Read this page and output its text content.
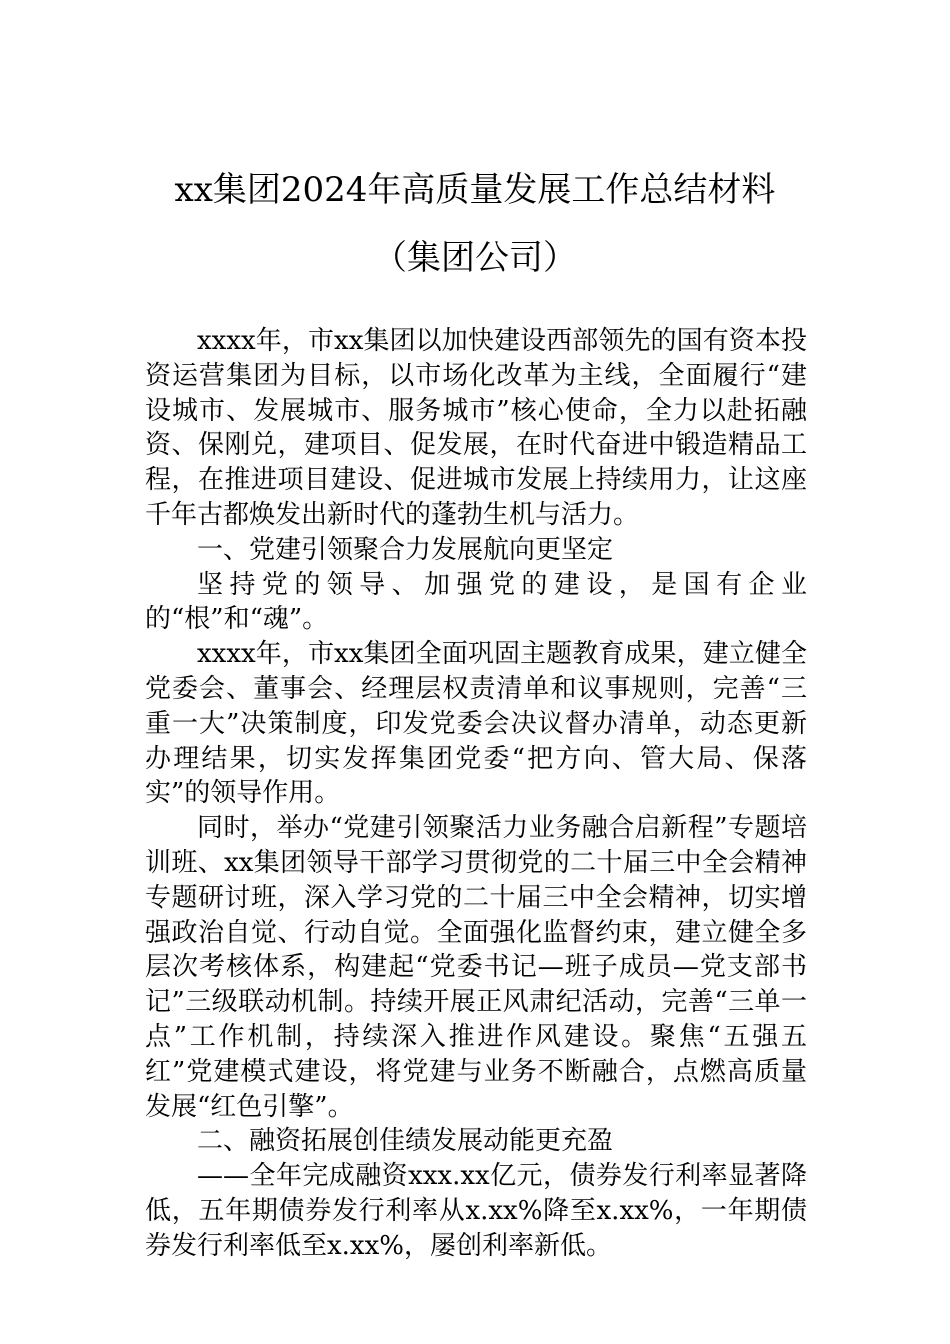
xx集团2024年高质量发展工作总结材料
（集团公司）

xxxx年，市xx集团以加快建设西部领先的国有资本投资运营集团为目标，以市场化改革为主线，全面履行“建设城市、发展城市、服务城市”核心使命，全力以赴拓融资、保刚兑，建项目、促发展，在时代奋进中锻造精品工程，在推进项目建设、促进城市发展上持续用力，让这座千年古都焕发出新时代的蓬勃生机与活力。

一、党建引领聚合力发展航向更坚定

坚持党的领导、加强党的建设，是国有企业的“根”和“魂”。

xxxx年，市xx集团全面巩固主题教育成果，建立健全党委会、董事会、经理层权责清单和议事规则，完善“三重一大”决策制度，印发党委会决议督办清单，动态更新办理结果，切实发挥集团党委“把方向、管大局、保落实”的领导作用。

同时，举办“党建引领聚活力业务融合启新程”专题培训班、xx集团领导干部学习贯彻党的二十届三中全会精神专题研讨班，深入学习党的二十届三中全会精神，切实增强政治自觉、行动自觉。全面强化监督约束，建立健全多层次考核体系，构建起“党委书记—班子成员—党支部书记”三级联动机制。持续开展正风肃纪活动，完善“三单一点”工作机制，持续深入推进作风建设。聚焦“五强五红”党建模式建设，将党建与业务不断融合，点燃高质量发展“红色引擎”。

二、融资拓展创佳绩发展动能更充盈

——全年完成融资xxx.xx亿元，债券发行利率显著降低，五年期债券发行利率从x.xx%降至x.xx%，一年期债券发行利率低至x.xx%，屡创利率新低。
